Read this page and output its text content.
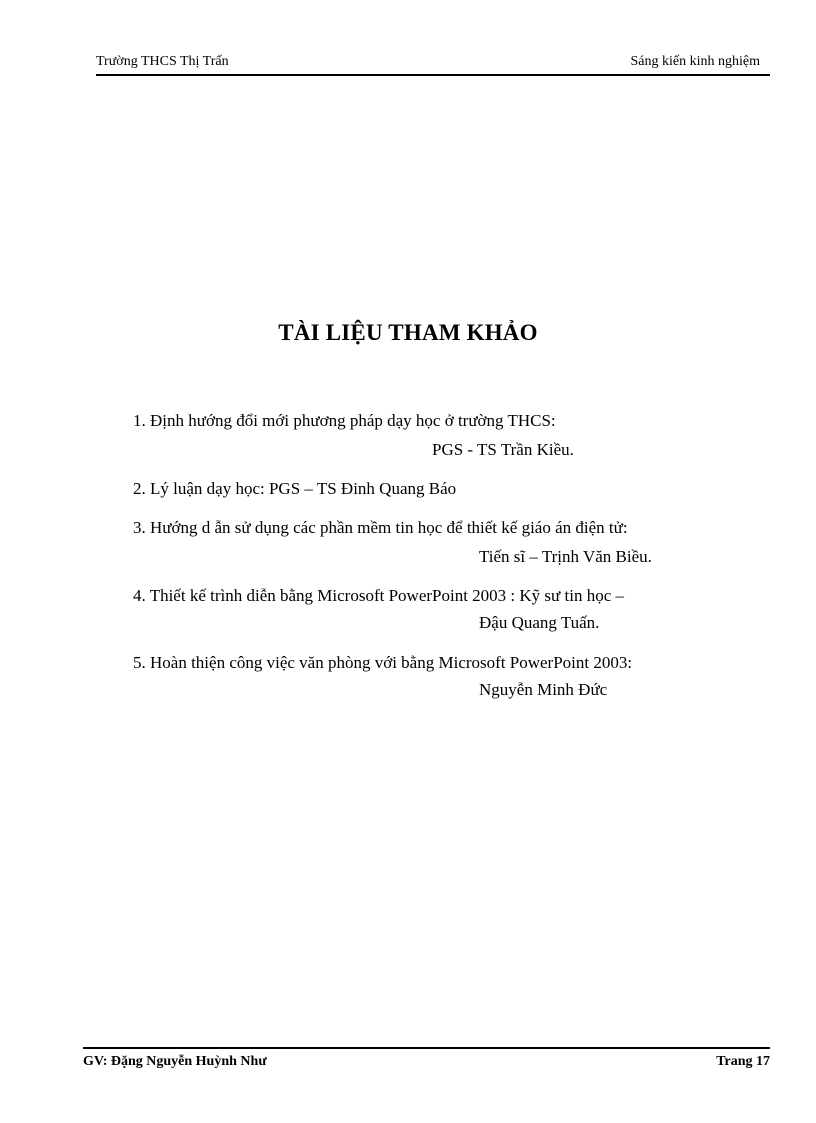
Trường THCS Thị Trấn	Sáng kiến kinh nghiệm
TÀI LIỆU THAM KHẢO
1. Định hướng đổi mới phương pháp dạy học ở trường THCS:
PGS - TS Trần Kiều.
2. Lý luận dạy học: PGS – TS Đinh Quang Báo
3. Hướng d ẫn sử dụng các phần mềm tin học để thiết kế giáo án điện tử:
Tiến sĩ – Trịnh Văn Biều.
4. Thiết kế trình diễn bằng Microsoft PowerPoint 2003 : Kỹ sư tin học –
Đậu Quang Tuấn.
5. Hoàn thiện công việc văn phòng với bằng Microsoft PowerPoint 2003:
Nguyễn Minh Đức
GV: Đặng Nguyễn Huỳnh Như	Trang 17
